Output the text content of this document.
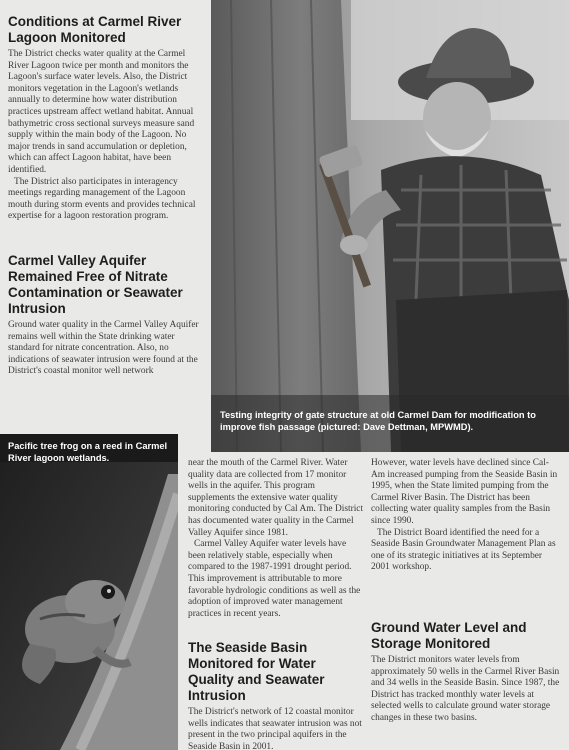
Conditions at Carmel River Lagoon Monitored

The District checks water quality at the Carmel River Lagoon twice per month and monitors the Lagoon's surface water levels. Also, the District monitors vegetation in the Lagoon's wetlands annually to determine how water distribution practices upstream affect wetland habitat. Annual bathymetric cross sectional surveys measure sand supply within the main body of the Lagoon. No major trends in sand accumulation or depletion, which can affect Lagoon habitat, have been identified.

The District also participates in interagency meetings regarding management of the Lagoon mouth during storm events and provides technical expertise for a lagoon restoration program.

Carmel Valley Aquifer Remained Free of Nitrate Contamination or Seawater Intrusion

Ground water quality in the Carmel Valley Aquifer remains well within the State drinking water standard for nitrate concentration. Also, no indications of seawater intrusion were found at the District's coastal monitor well network

Testing integrity of gate structure at old Carmel Dam for modification to improve fish passage (pictured: Dave Dettman, MPWMD).
Pacific tree frog on a reed in Carmel River lagoon wetlands.	near the mouth of the Carmel River. Water quality data are collected from 17 monitor wells in the aquifer. This program supplements the extensive water quality monitoring conducted by Cal Am. The District has documented water quality in the Carmel Valley Aquifer since 1981.

Carmel Valley Aquifer water levels have been relatively stable, especially when compared to the 1987-1991 drought period. This improvement is attributable to more favorable hydrologic conditions as well as the adoption of improved water management practices in recent years.

The Seaside Basin Monitored for Water Quality and Seawater Intrusion

The District's network of 12 coastal monitor wells indicates that seawater intrusion was not present in the two principal aquifers in the Seaside Basin in 2001.

However, water levels have declined since Cal-Am increased pumping from the Seaside Basin in 1995, when the State limited pumping from the Carmel River Basin. The District has been collecting water quality samples from the Basin since 1990.

The District Board identified the need for a Seaside Basin Groundwater Management Plan as one of its strategic initiatives at its September 2001 workshop.

Ground Water Level and Storage Monitored

The District monitors water levels from approximately 50 wells in the Carmel River Basin and 34 wells in the Seaside Basin. Since 1987, the District has tracked monthly water levels at selected wells to calculate ground water storage changes in these two basins.
